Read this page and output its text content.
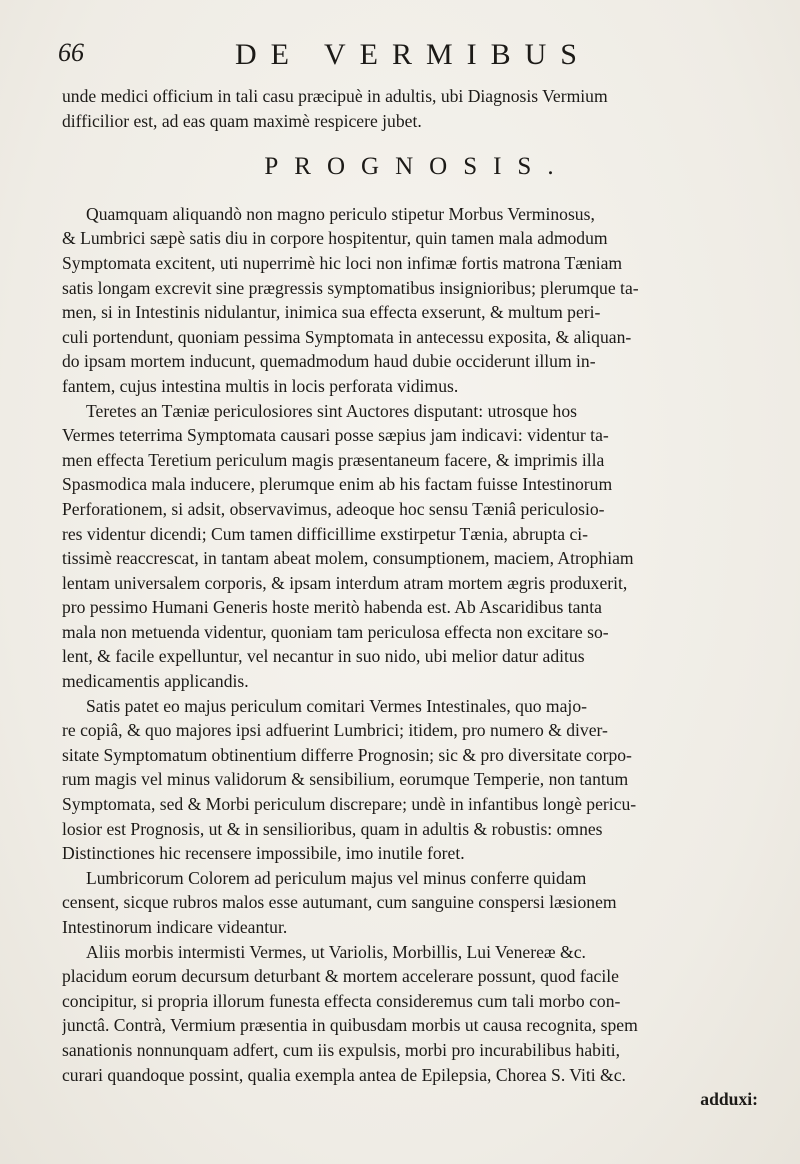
66	DE VERMIBUS
unde medici officium in tali casu præcipuè in adultis, ubi Diagnosis Vermium
difficilior est, ad eas quam maximè respicere jubet.
PROGNOSIS.
Quamquam aliquandò non magno periculo stipetur Morbus Verminosus,
& Lumbrici sæpè satis diu in corpore hospitentur, quin tamen mala admodum
Symptomata excitent, uti nuperrimè hic loci non infimæ fortis matrona Tæniam
satis longam excrevit sine prægressis symptomatibus insignioribus; plerumque ta-
men, si in Intestinis nidulantur, inimica sua effecta exserunt, & multum peri-
culi portendunt, quoniam pessima Symptomata in antecessu exposita, & aliquan-
do ipsam mortem inducunt, quemadmodum haud dubie occiderunt illum in-
fantem, cujus intestina multis in locis perforata vidimus.
Teretes an Tæniæ periculosiores sint Auctores disputant: utrosque hos
Vermes teterrima Symptomata causari posse sæpius jam indicavi: videntur ta-
men effecta Teretium periculum magis præsentaneum facere, & imprimis illa
Spasmodica mala inducere, plerumque enim ab his factam fuisse Intestinorum
Perforationem, si adsit, observavimus, adeoque hoc sensu Tæniâ periculosio-
res videntur dicendi; Cum tamen difficillime exstirpetur Tænia, abrupta ci-
tissimè reaccrescat, in tantam abeat molem, consumptionem, maciem, Atrophiam
lentam universalem corporis, & ipsam interdum atram mortem ægris produxerit,
pro pessimo Humani Generis hoste meritò habenda est. Ab Ascaridibus tanta
mala non metuenda videntur, quoniam tam periculosa effecta non excitare so-
lent, & facile expelluntur, vel necantur in suo nido, ubi melior datur aditus
medicamentis applicandis.
Satis patet eo majus periculum comitari Vermes Intestinales, quo majo-
re copiâ, & quo majores ipsi adfuerint Lumbrici; itidem, pro numero & diver-
sitate Symptomatum obtinentium differre Prognosin; sic & pro diversitate corpo-
rum magis vel minus validorum & sensibilium, eorumque Temperie, non tantum
Symptomata, sed & Morbi periculum discrepare; undè in infantibus longè pericu-
losior est Prognosis, ut & in sensilioribus, quam in adultis & robustis: omnes
Distinctiones hic recensere impossibile, imo inutile foret.
Lumbricorum Colorem ad periculum majus vel minus conferre quidam
censent, sicque rubros malos esse autumant, cum sanguine conspersi læsionem
Intestinorum indicare videantur.
Aliis morbis intermisti Vermes, ut Variolis, Morbillis, Lui Venereæ &c.
placidum eorum decursum deturbant & mortem accelerare possunt, quod facile
concipitur, si propria illorum funesta effecta consideremus cum tali morbo con-
junctâ. Contrà, Vermium præsentia in quibusdam morbis ut causa recognita, spem
sanationis nonnunquam adfert, cum iis expulsis, morbi pro incurabilibus habiti,
curari quandoque possint, qualia exempla antea de Epilepsia, Chorea S. Viti &c.
adduxi:
